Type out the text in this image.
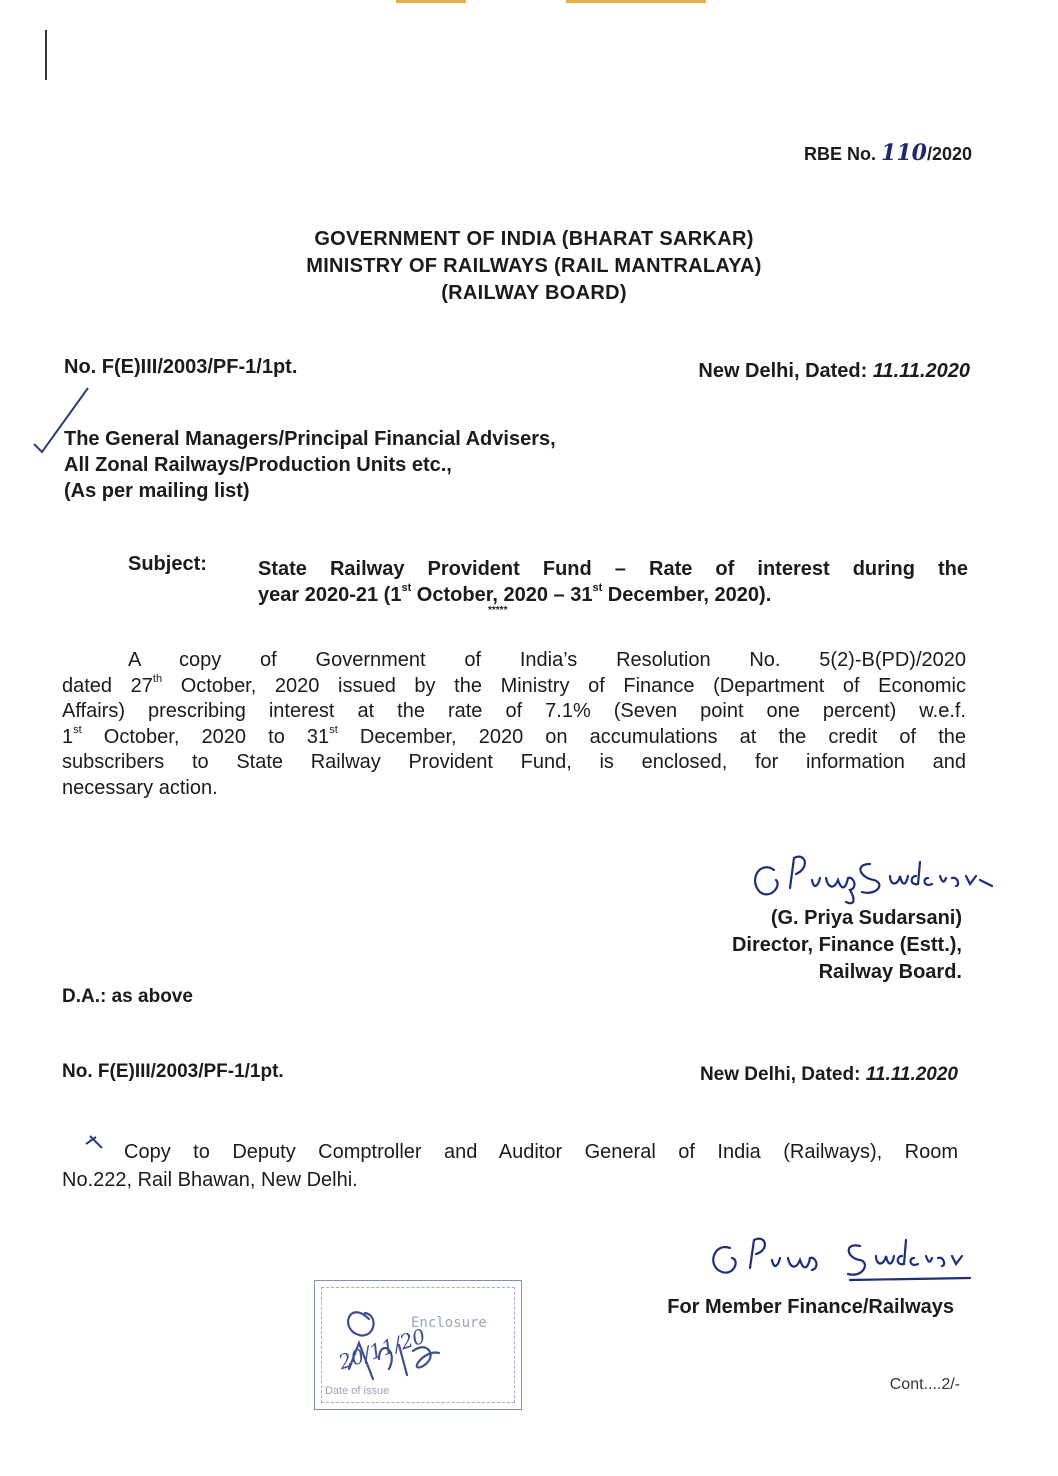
RBE No. 110/2020
GOVERNMENT OF INDIA (BHARAT SARKAR)
MINISTRY OF RAILWAYS (RAIL MANTRALAYA)
(RAILWAY BOARD)
No. F(E)III/2003/PF-1/1pt.	New Delhi, Dated: 11.11.2020
The General Managers/Principal Financial Advisers,
All Zonal Railways/Production Units etc.,
(As per mailing list)
Subject:	State Railway Provident Fund – Rate of interest during the
year 2020-21 (1st October, 2020 – 31st December, 2020).
*****
A copy of Government of India’s Resolution No. 5(2)-B(PD)/2020
dated 27th October, 2020 issued by the Ministry of Finance (Department of Economic
Affairs) prescribing interest at the rate of 7.1% (Seven point one percent) w.e.f.
1st October, 2020 to 31st December, 2020 on accumulations at the credit of the
subscribers to State Railway Provident Fund, is enclosed, for information and
necessary action.
(G. Priya Sudarsani)
Director, Finance (Estt.),
Railway Board.
D.A.: as above
No. F(E)III/2003/PF-1/1pt.	New Delhi, Dated: 11.11.2020
Copy to Deputy Comptroller and Auditor General of India (Railways), Room
No.222, Rail Bhawan, New Delhi.
For Member Finance/Railways
20/11/20
Enclosure
Date of issue	Cont....2/-
